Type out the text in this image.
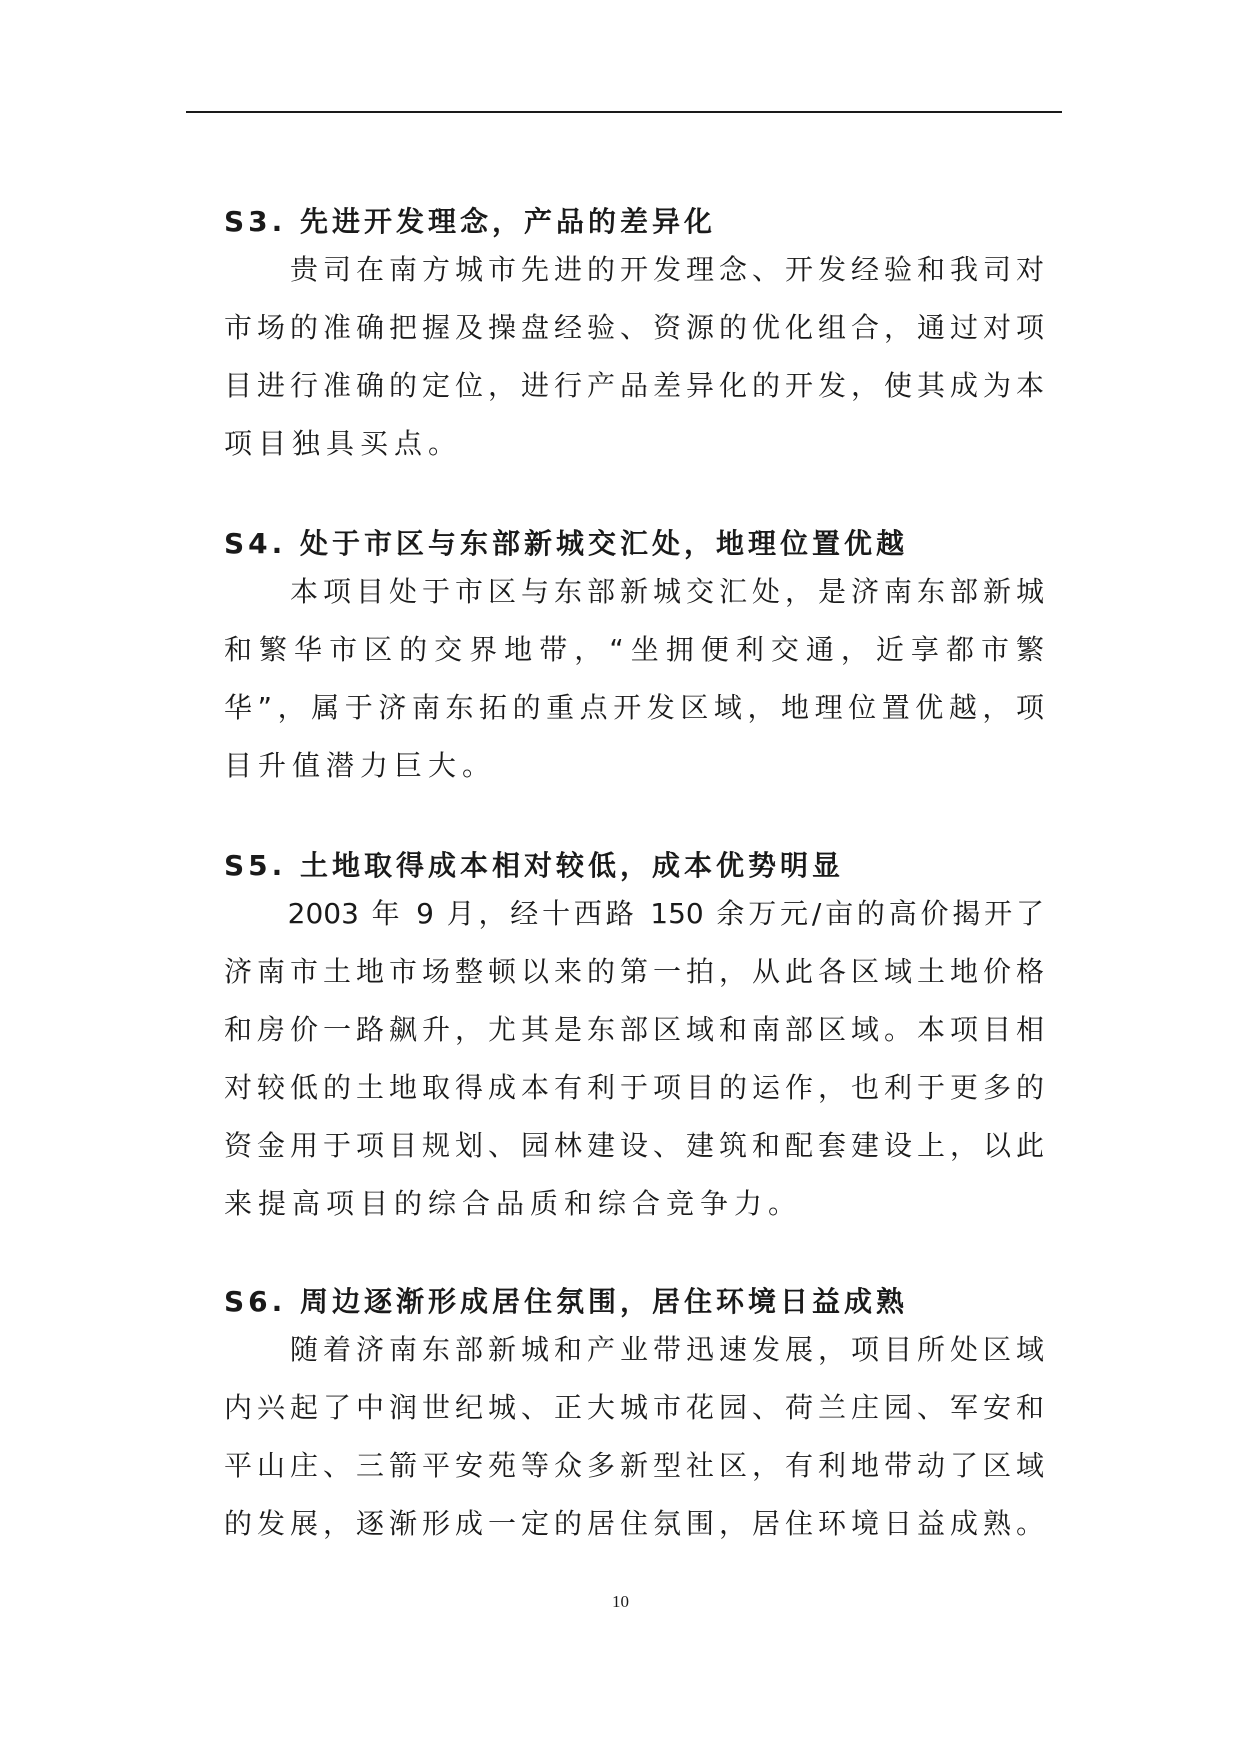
S3. 先进开发理念，产品的差异化
　　贵司在南方城市先进的开发理念、开发经验和我司对
市场的准确把握及操盘经验、资源的优化组合，通过对项
目进行准确的定位，进行产品差异化的开发，使其成为本
项目独具买点。
S4. 处于市区与东部新城交汇处，地理位置优越
　　本项目处于市区与东部新城交汇处，是济南东部新城
和繁华市区的交界地带，“坐拥便利交通，近享都市繁
华”，属于济南东拓的重点开发区域，地理位置优越，项
目升值潜力巨大。
S5. 土地取得成本相对较低，成本优势明显
　　2003 年 9 月，经十西路 150 余万元/亩的高价揭开了
济南市土地市场整顿以来的第一拍，从此各区域土地价格
和房价一路飙升，尤其是东部区域和南部区域。本项目相
对较低的土地取得成本有利于项目的运作，也利于更多的
资金用于项目规划、园林建设、建筑和配套建设上，以此
来提高项目的综合品质和综合竞争力。
S6. 周边逐渐形成居住氛围，居住环境日益成熟
　　随着济南东部新城和产业带迅速发展，项目所处区域
内兴起了中润世纪城、正大城市花园、荷兰庄园、军安和
平山庄、三箭平安苑等众多新型社区，有利地带动了区域
的发展，逐渐形成一定的居住氛围，居住环境日益成熟。
10
